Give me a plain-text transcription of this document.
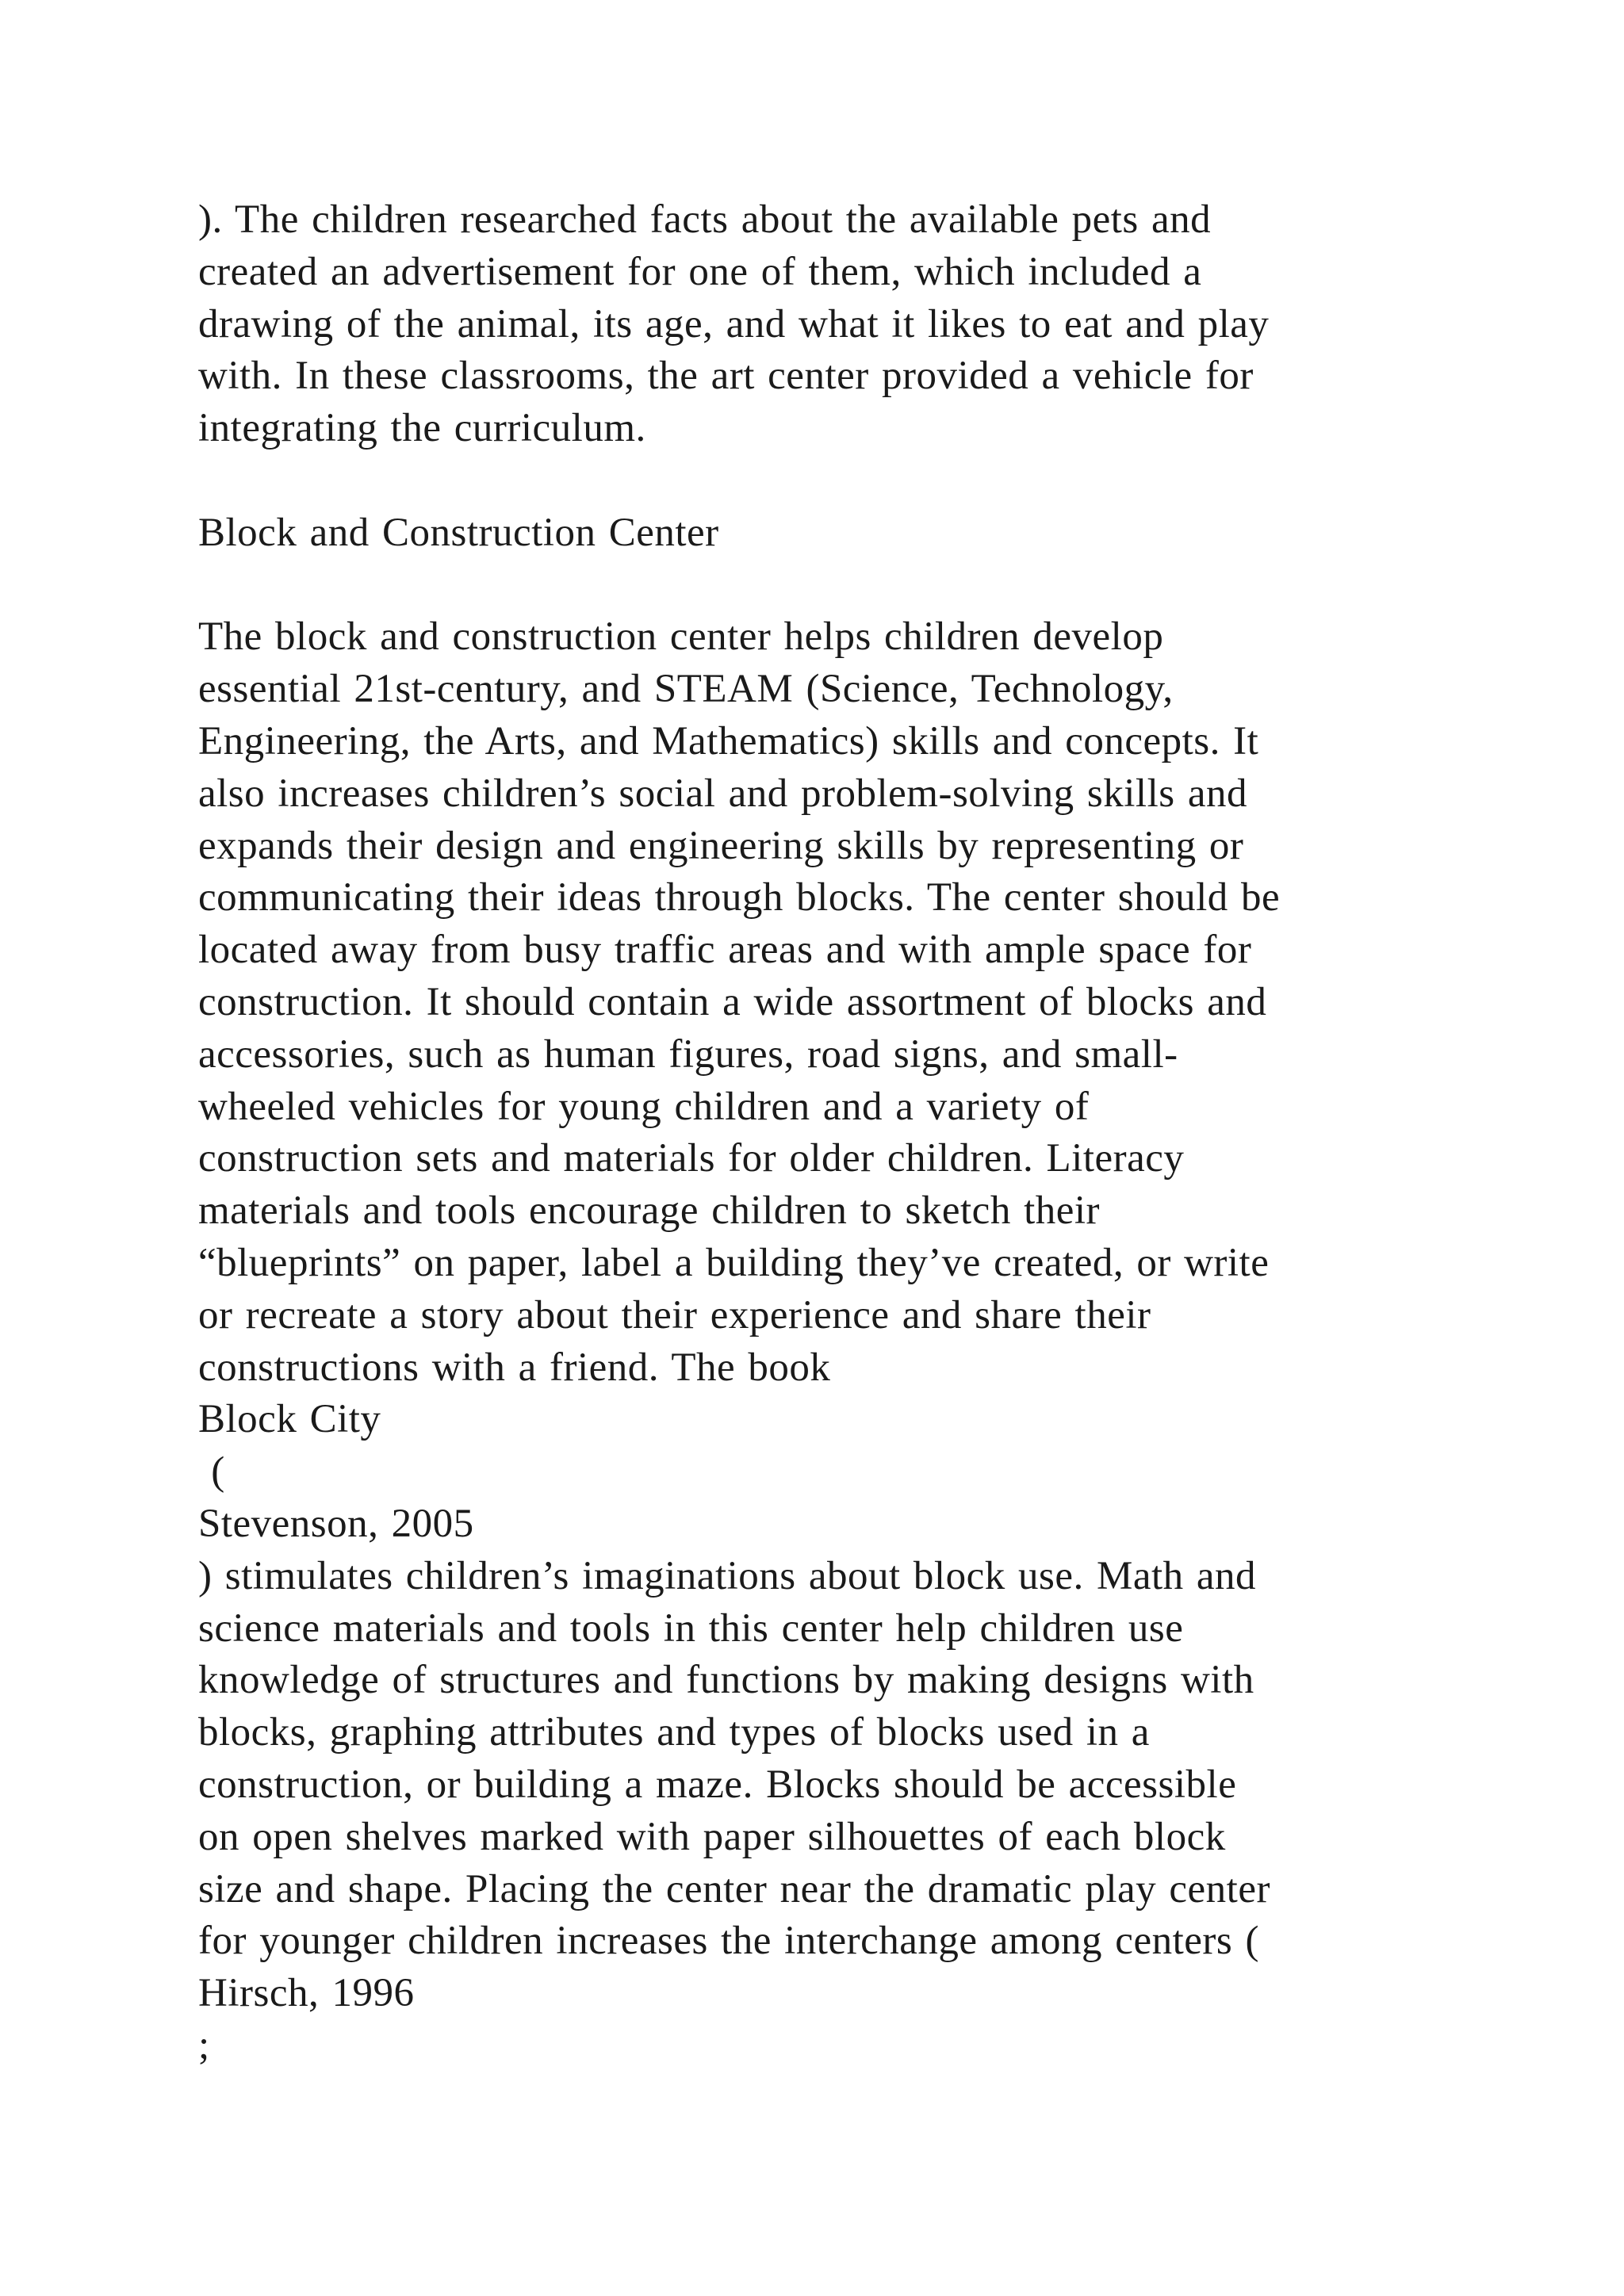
). The children researched facts about the available pets and
created an advertisement for one of them, which included a
drawing of the animal, its age, and what it likes to eat and play
with. In these classrooms, the art center provided a vehicle for
integrating the curriculum.
Block and Construction Center
The block and construction center helps children develop
essential 21st-century, and STEAM (Science, Technology,
Engineering, the Arts, and Mathematics) skills and concepts. It
also increases children’s social and problem-solving skills and
expands their design and engineering skills by representing or
communicating their ideas through blocks. The center should be
located away from busy traffic areas and with ample space for
construction. It should contain a wide assortment of blocks and
accessories, such as human figures, road signs, and small-
wheeled vehicles for young children and a variety of
construction sets and materials for older children. Literacy
materials and tools encourage children to sketch their
“blueprints” on paper, label a building they’ve created, or write
or recreate a story about their experience and share their
constructions with a friend. The book
Block City
(
Stevenson, 2005
) stimulates children’s imaginations about block use. Math and
science materials and tools in this center help children use
knowledge of structures and functions by making designs with
blocks, graphing attributes and types of blocks used in a
construction, or building a maze. Blocks should be accessible
on open shelves marked with paper silhouettes of each block
size and shape. Placing the center near the dramatic play center
for younger children increases the interchange among centers (
Hirsch, 1996
;
